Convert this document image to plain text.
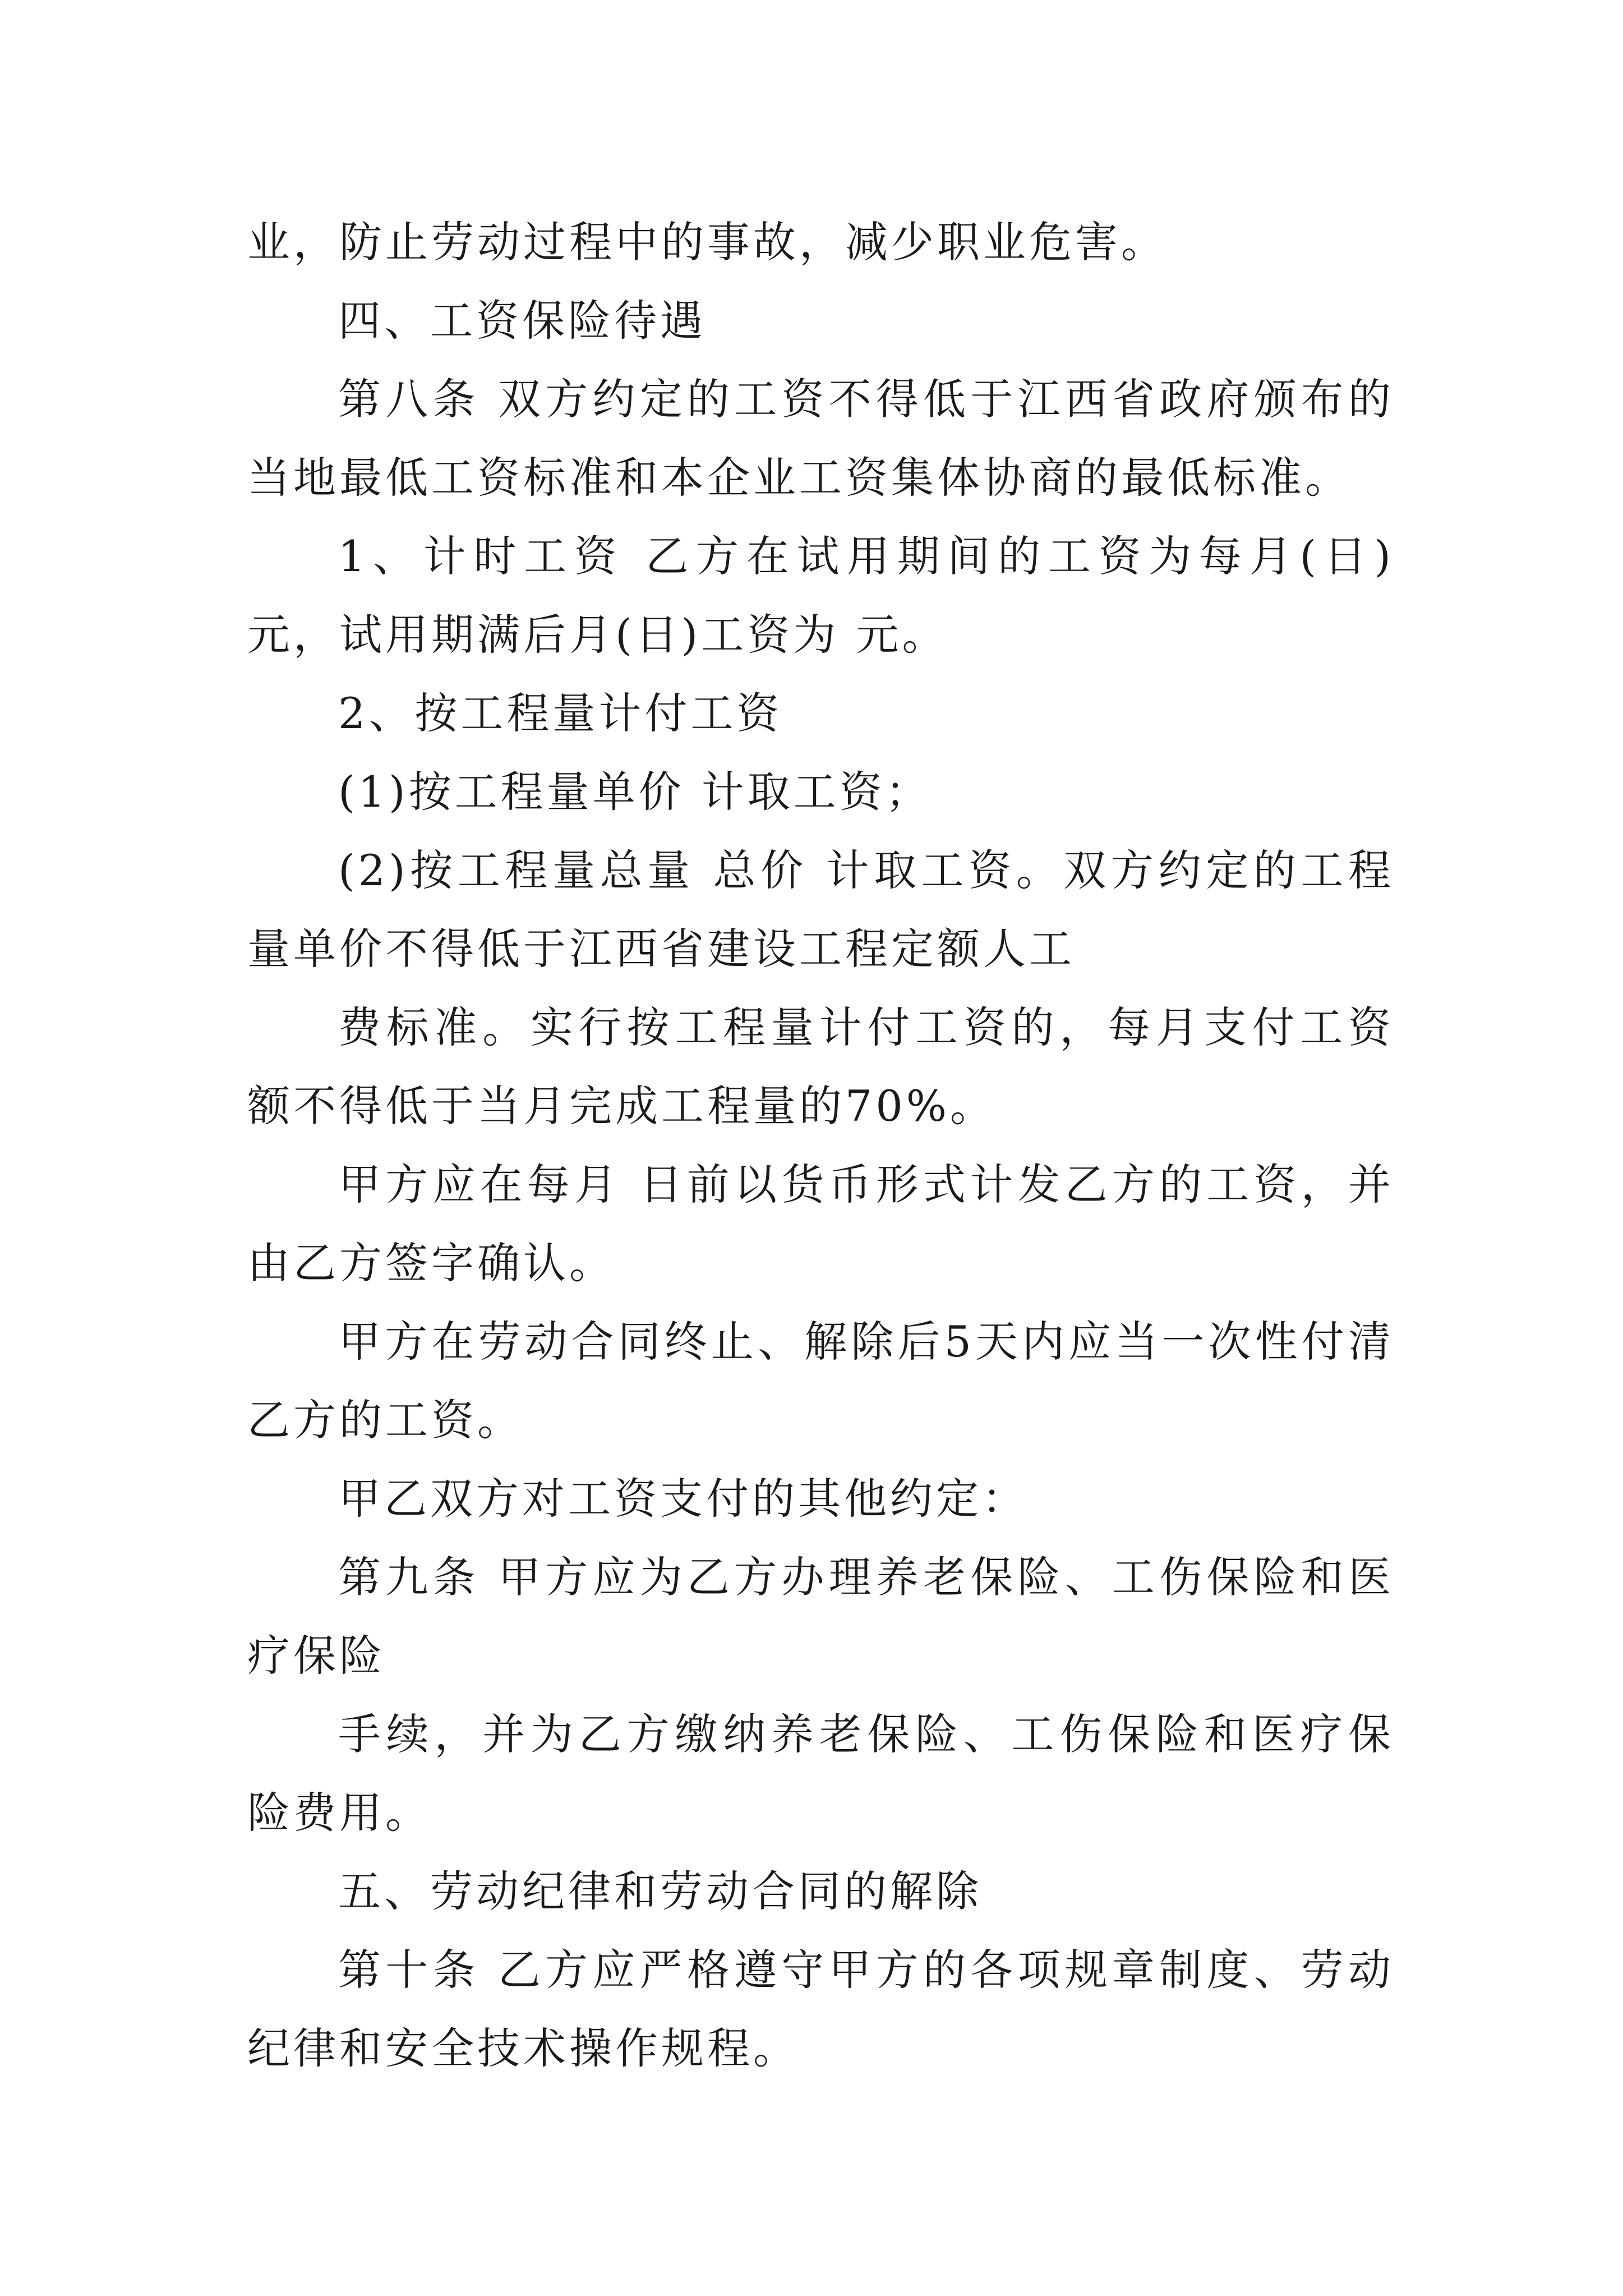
业，防止劳动过程中的事故，减少职业危害。

四、工资保险待遇

第八条 双方约定的工资不得低于江西省政府颁布的当地最低工资标准和本企业工资集体协商的最低标准。

1、计时工资 乙方在试用期间的工资为每月(日) 元，试用期满后月(日)工资为 元。

2、按工程量计付工资

(1)按工程量单价 计取工资；

(2)按工程量总量 总价 计取工资。双方约定的工程量单价不得低于江西省建设工程定额人工

费标准。实行按工程量计付工资的，每月支付工资额不得低于当月完成工程量的70%。

甲方应在每月 日前以货币形式计发乙方的工资，并由乙方签字确认。

甲方在劳动合同终止、解除后5天内应当一次性付清乙方的工资。

甲乙双方对工资支付的其他约定：

第九条 甲方应为乙方办理养老保险、工伤保险和医疗保险

手续，并为乙方缴纳养老保险、工伤保险和医疗保险费用。

五、劳动纪律和劳动合同的解除

第十条 乙方应严格遵守甲方的各项规章制度、劳动纪律和安全技术操作规程。
